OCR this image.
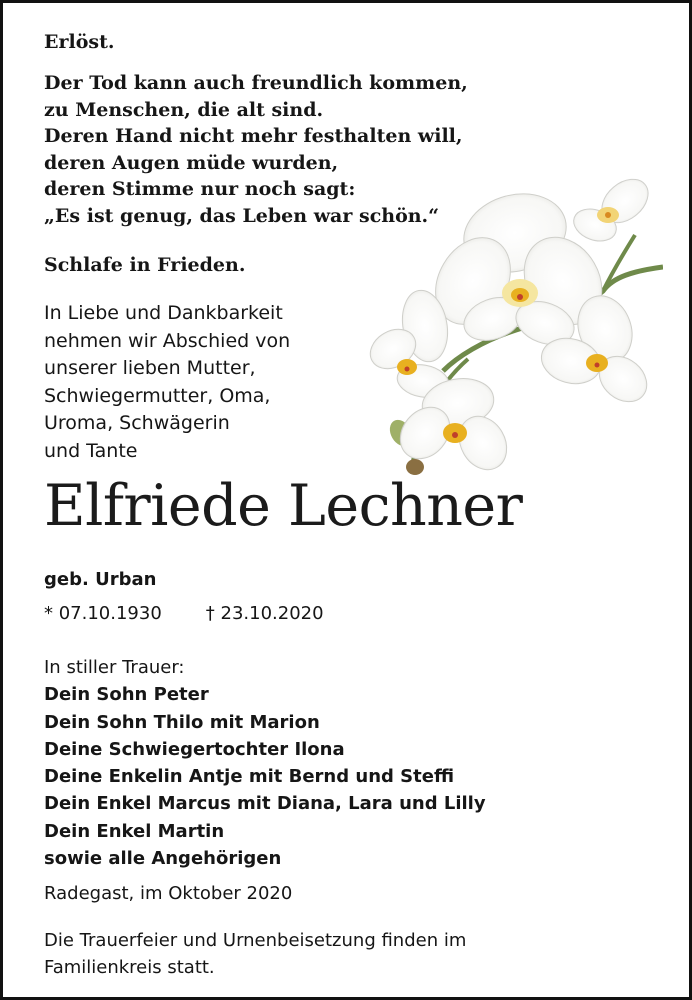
Erlöst.

Der Tod kann auch freundlich kommen,
zu Menschen, die alt sind.
Deren Hand nicht mehr festhalten will,
deren Augen müde wurden,
deren Stimme nur noch sagt:
„Es ist genug, das Leben war schön.“

Schlafe in Frieden.

In Liebe und Dankbarkeit
nehmen wir Abschied von
unserer lieben Mutter,
Schwiegermutter, Oma,
Uroma, Schwägerin
und Tante
Elfriede Lechner

geb. Urban

* 07.10.1930 † 23.10.2020

In stiller Trauer:
Dein Sohn Peter
Dein Sohn Thilo mit Marion
Deine Schwiegertochter Ilona
Deine Enkelin Antje mit Bernd und Steffi
Dein Enkel Marcus mit Diana, Lara und Lilly
Dein Enkel Martin
sowie alle Angehörigen

Radegast, im Oktober 2020

Die Trauerfeier und Urnenbeisetzung finden im
Familienkreis statt.
